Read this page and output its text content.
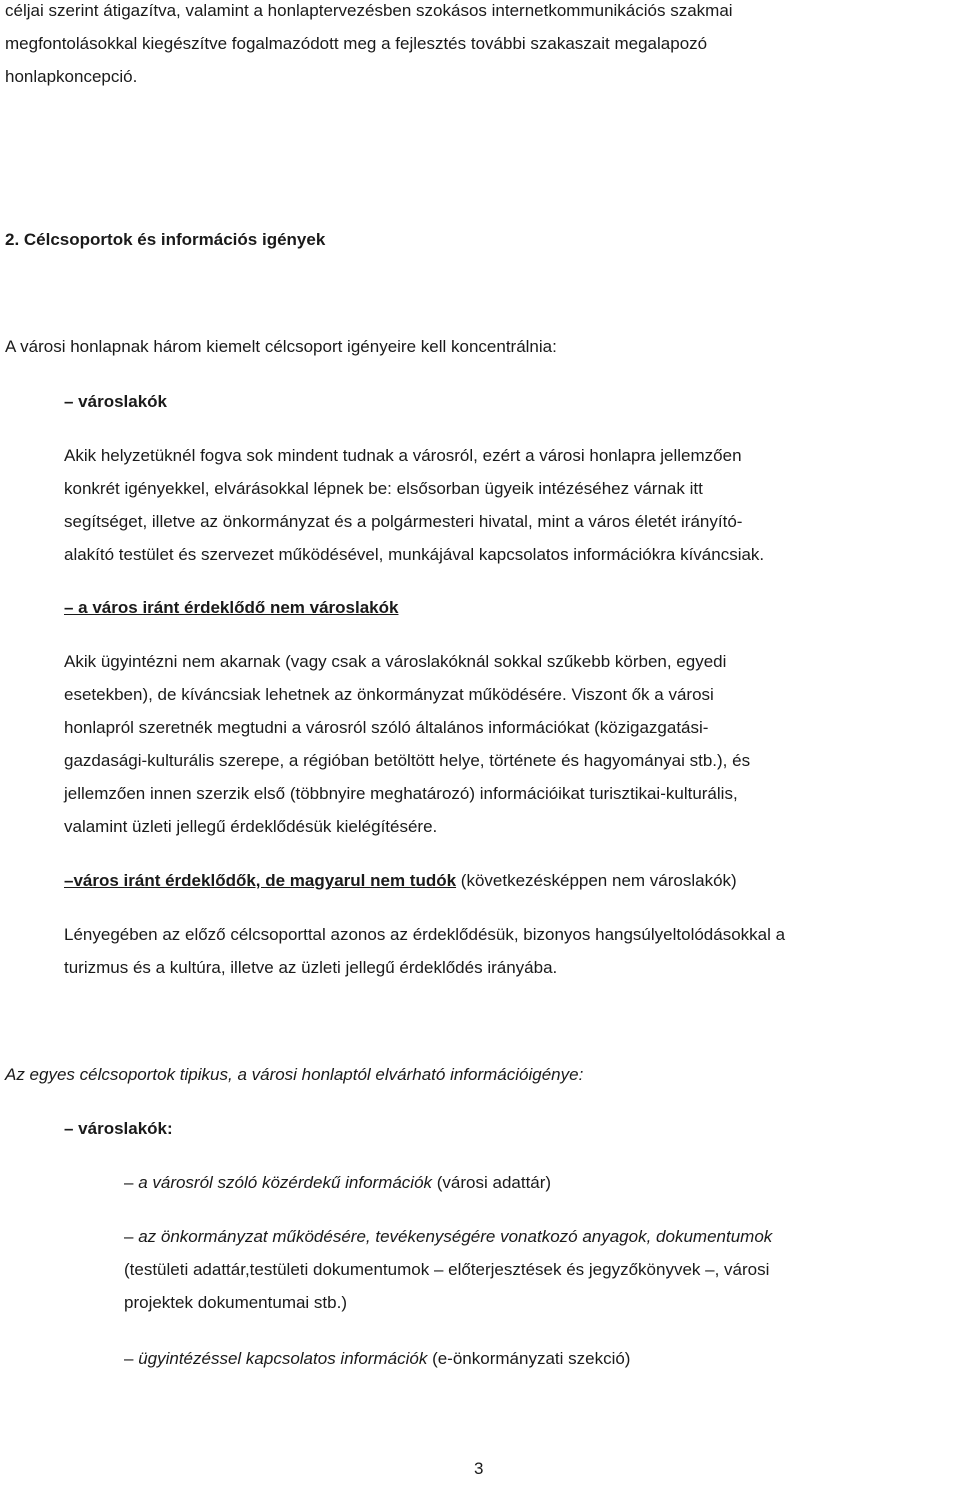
céljai szerint átigazítva, valamint a honlaptervezésben szokásos internetkommunikációs szakmai

megfontolásokkal kiegészítve fogalmazódott meg a fejlesztés további szakaszait megalapozó

honlapkoncepció.

2. Célcsoportok és információs igények

A városi honlapnak három kiemelt célcsoport igényeire kell koncentrálnia:

– városlakók

Akik helyzetüknél fogva sok mindent tudnak a városról, ezért a városi honlapra jellemzően
konkrét igényekkel, elvárásokkal lépnek be: elsősorban ügyeik intézéséhez várnak itt
segítséget, illetve az önkormányzat és a polgármesteri hivatal, mint a város életét irányító-
alakító testület és szervezet működésével, munkájával kapcsolatos információkra kíváncsiak.

– a város iránt érdeklődő nem városlakók

Akik ügyintézni nem akarnak (vagy csak a városlakóknál sokkal szűkebb körben, egyedi
esetekben), de kíváncsiak lehetnek az önkormányzat működésére. Viszont ők a városi
honlapról szeretnék megtudni a városról szóló általános információkat (közigazgatási-
gazdasági-kulturális szerepe, a régióban betöltött helye, története és hagyományai stb.), és
jellemzően innen szerzik első (többnyire meghatározó) információikat turisztikai-kulturális,
valamint üzleti jellegű érdeklődésük kielégítésére.

–város iránt érdeklődők, de magyarul nem tudók (következésképpen nem városlakók)

Lényegében az előző célcsoporttal azonos az érdeklődésük, bizonyos hangsúlyeltolódásokkal a
turizmus és a kultúra, illetve az üzleti jellegű érdeklődés irányába.

Az egyes célcsoportok tipikus, a városi honlaptól elvárható információigénye:

– városlakók:

– a városról szóló közérdekű információk (városi adattár)

– az önkormányzat működésére, tevékenységére vonatkozó anyagok, dokumentumok
(testületi adattár,testületi dokumentumok – előterjesztések és jegyzőkönyvek –, városi
projektek dokumentumai stb.)

– ügyintézéssel kapcsolatos információk (e-önkormányzati szekció)

3
